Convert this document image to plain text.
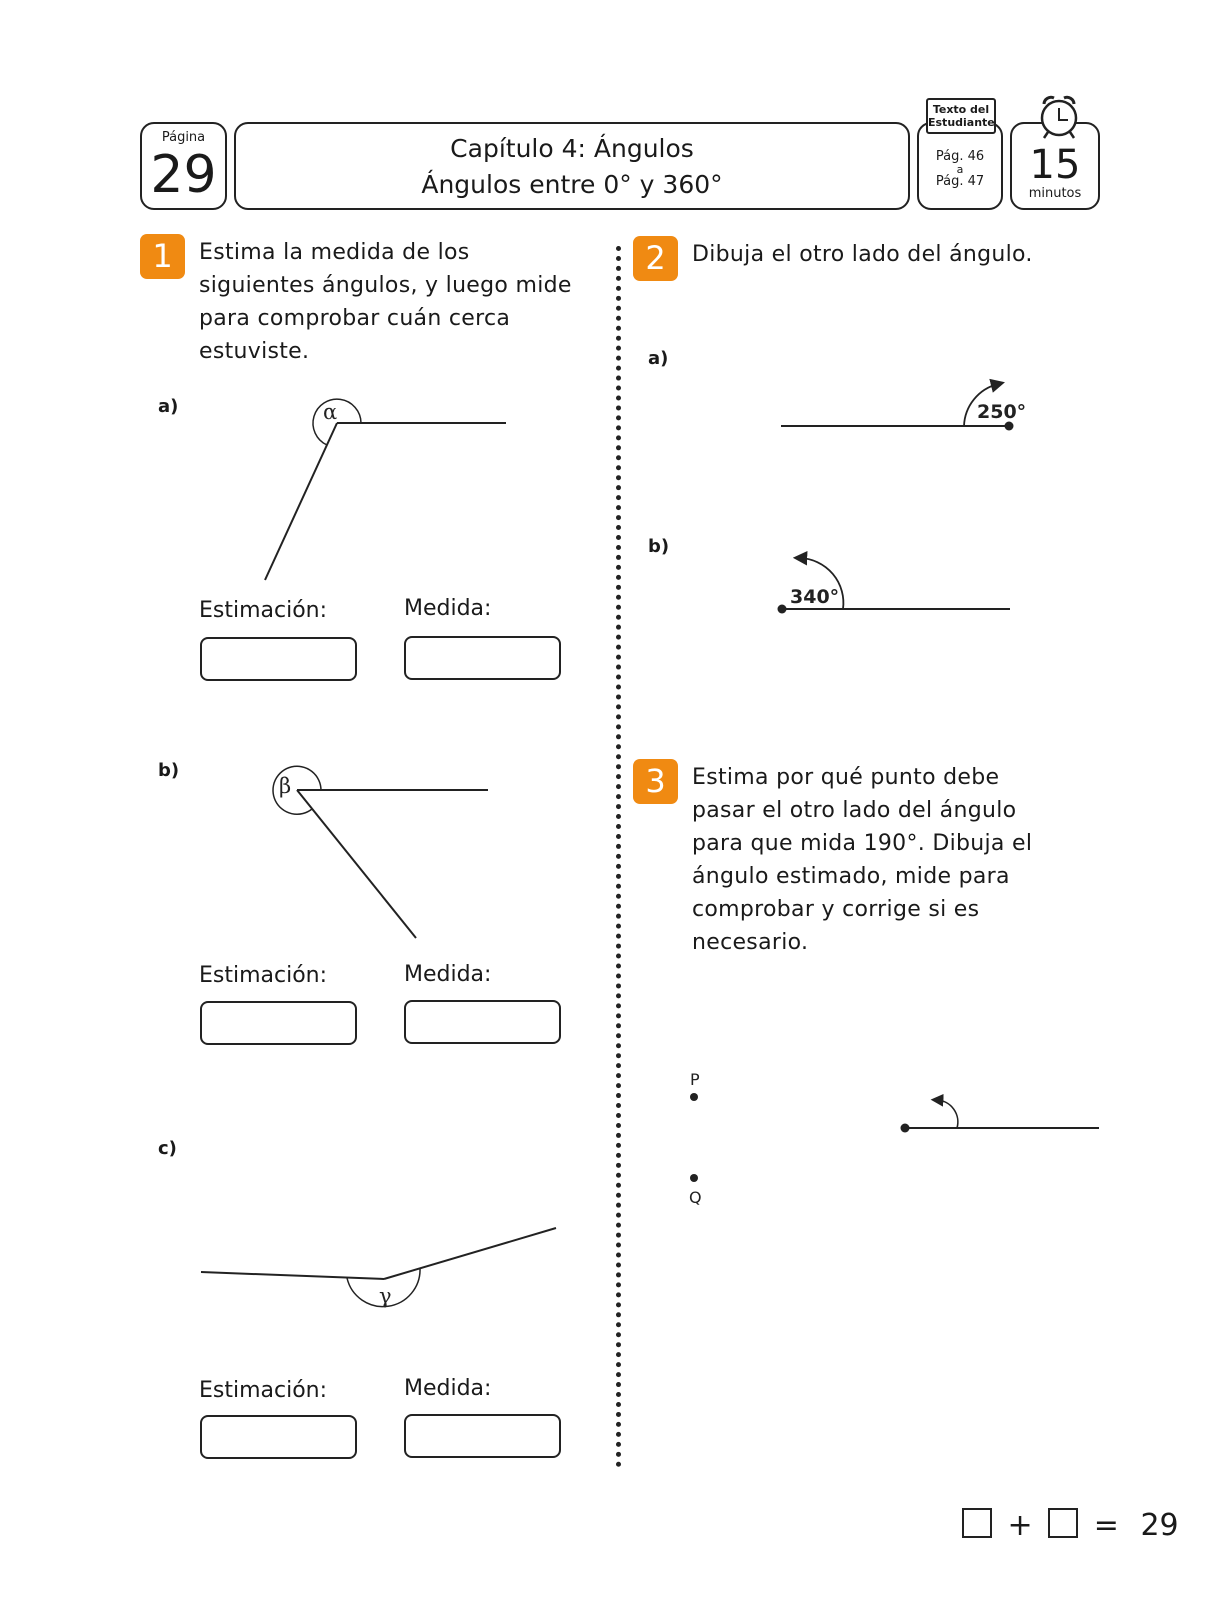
Página
29	Capítulo 4: Ángulos
Ángulos entre 0° y 360°
Pág. 46
a
Pág. 47
Texto del Estudiante
15
minutos
1	Estima la medida de los siguientes ángulos, y luego mide para comprobar cuán cerca estuviste.
a)
Estimación:	Medida:
b)
Estimación:	Medida:
c)
Estimación:	Medida:
2	Dibuja el otro lado del ángulo.
a)
b)
3	Estima por qué punto debe pasar el otro lado del ángulo para que mida 190°. Dibuja el ángulo estimado, mide para comprobar y corrige si es necesario.
α
β
γ
250°
340°
P
Q
+ = 29
